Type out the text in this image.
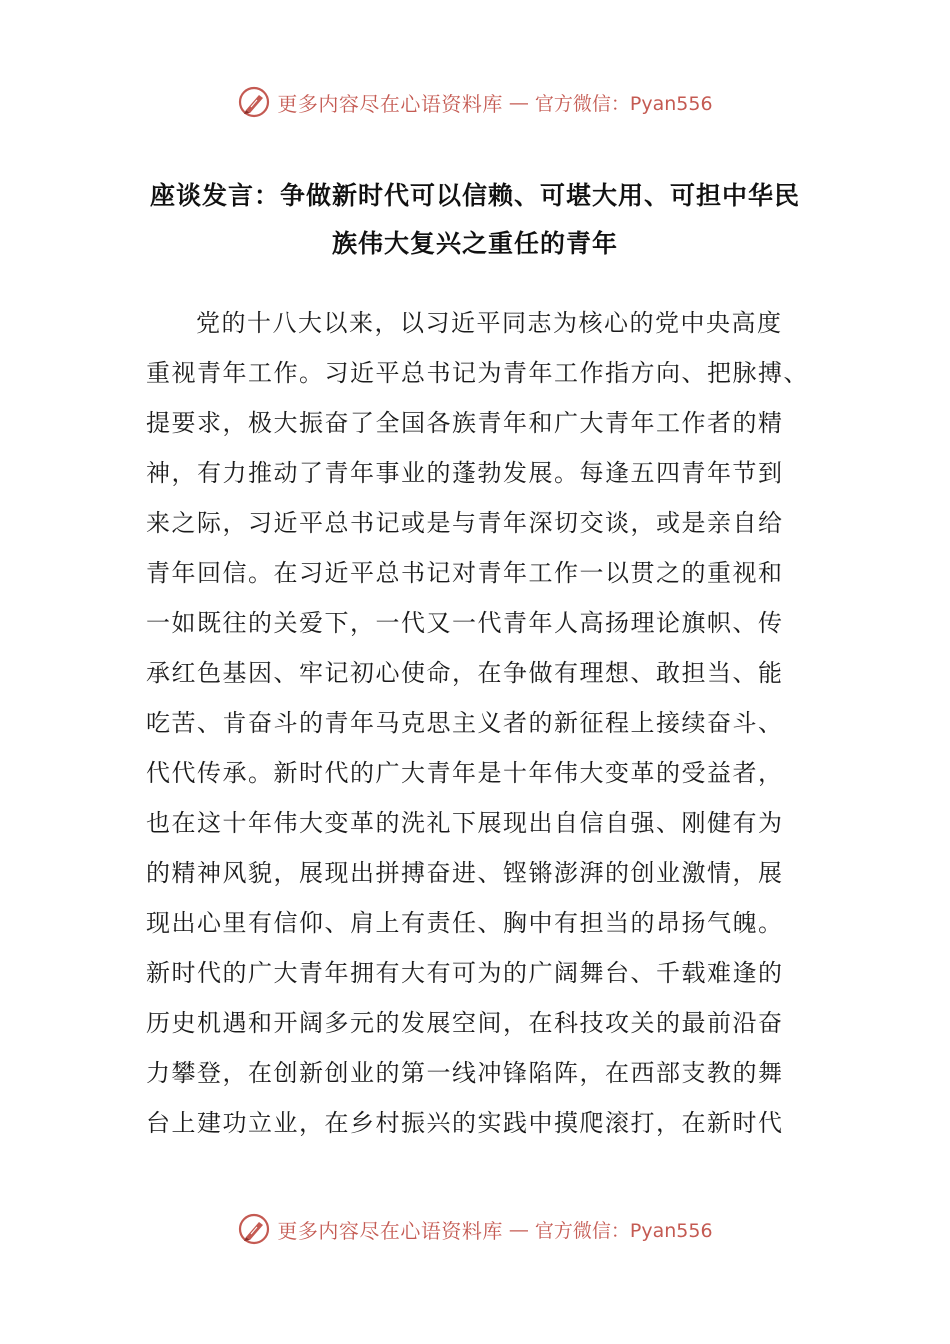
更多内容尽在心语资料库 — 官方微信：Pyan556
座谈发言：争做新时代可以信赖、可堪大用、可担中华民
族伟大复兴之重任的青年
党的十八大以来，以习近平同志为核心的党中央高度
重视青年工作。习近平总书记为青年工作指方向、把脉搏、
提要求，极大振奋了全国各族青年和广大青年工作者的精
神，有力推动了青年事业的蓬勃发展。每逢五四青年节到
来之际，习近平总书记或是与青年深切交谈，或是亲自给
青年回信。在习近平总书记对青年工作一以贯之的重视和
一如既往的关爱下，一代又一代青年人高扬理论旗帜、传
承红色基因、牢记初心使命，在争做有理想、敢担当、能
吃苦、肯奋斗的青年马克思主义者的新征程上接续奋斗、
代代传承。新时代的广大青年是十年伟大变革的受益者，
也在这十年伟大变革的洗礼下展现出自信自强、刚健有为
的精神风貌，展现出拼搏奋进、铿锵澎湃的创业激情，展
现出心里有信仰、肩上有责任、胸中有担当的昂扬气魄。
新时代的广大青年拥有大有可为的广阔舞台、千载难逢的
历史机遇和开阔多元的发展空间，在科技攻关的最前沿奋
力攀登，在创新创业的第一线冲锋陷阵，在西部支教的舞
台上建功立业，在乡村振兴的实践中摸爬滚打，在新时代
更多内容尽在心语资料库 — 官方微信：Pyan556
